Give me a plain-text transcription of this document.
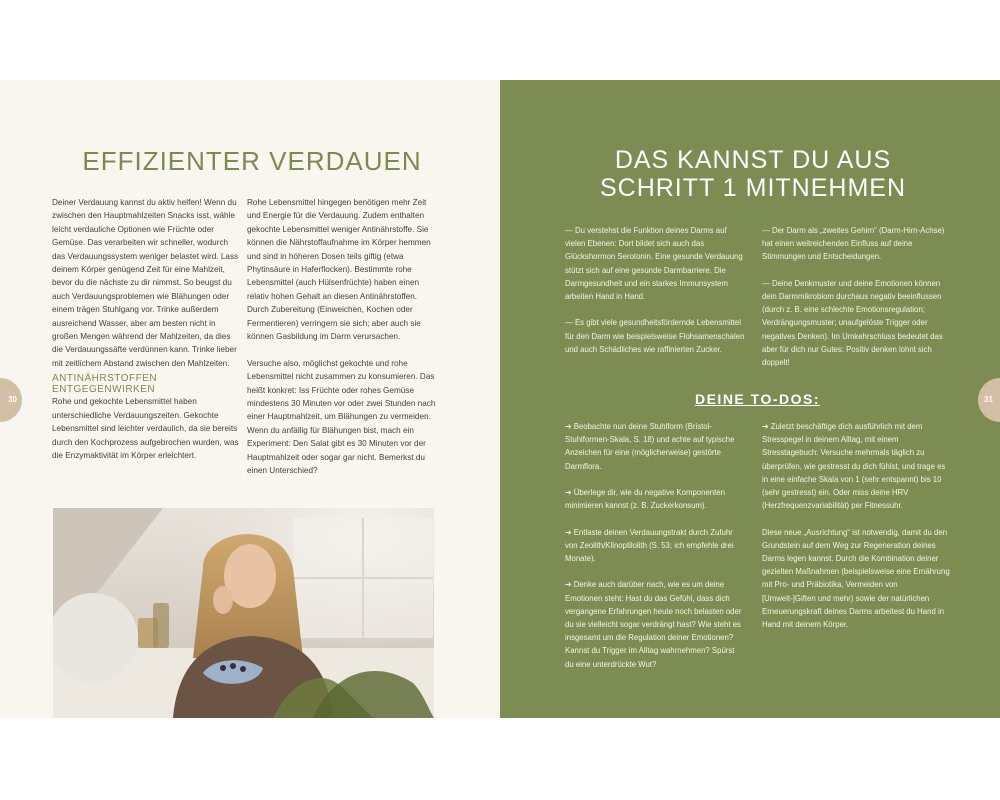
EFFIZIENTER VERDAUEN

Deiner Verdauung kannst du aktiv helfen! Wenn du zwischen den Hauptmahlzeiten Snacks isst, wähle leicht verdauliche Optionen wie Früchte oder Gemüse. Das verarbeiten wir schneller, wodurch das Verdauungssystem weniger belastet wird. Lass deinem Körper genügend Zeit für eine Mahlzeit, bevor du die nächste zu dir nimmst. So beugst du auch Verdauungsproblemen wie Blähungen oder einem trägen Stuhlgang vor. Trinke außerdem ausreichend Wasser, aber am besten nicht in großen Mengen während der Mahlzeiten, da dies die Verdauungssäfte verdünnen kann. Trinke lieber mit zeitlichem Abstand zwischen den Mahlzeiten.

ANTINÄHRSTOFFEN ENTGEGENWIRKEN

Rohe und gekochte Lebensmittel haben unterschiedliche Verdauungszeiten. Gekochte Lebensmittel sind leichter verdaulich, da sie bereits durch den Kochprozess aufgebrochen wurden, was die Enzymaktivität im Körper erleichtert.

Rohe Lebensmittel hingegen benötigen mehr Zeit und Energie für die Verdauung. Zudem enthalten gekochte Lebensmittel weniger Antinährstoffe. Sie können die Nährstoffaufnahme im Körper hemmen und sind in höheren Dosen teils giftig (etwa Phytinsäure in Haferflocken). Bestimmte rohe Lebensmittel (auch Hülsenfrüchte) haben einen relativ hohen Gehalt an diesen Antinährstoffen. Durch Zubereitung (Einweichen, Kochen oder Fermentieren) verringern sie sich; aber auch sie können Gasbildung im Darm verursachen.

Versuche also, möglichst gekochte und rohe Lebensmittel nicht zusammen zu konsumieren. Das heißt konkret: Iss Früchte oder rohes Gemüse mindestens 30 Minuten vor oder zwei Stunden nach einer Hauptmahlzeit, um Blähungen zu vermeiden. Wenn du anfällig für Blähungen bist, mach ein Experiment: Den Salat gibt es 30 Minuten vor der Hauptmahlzeit oder sogar gar nicht. Bemerkst du einen Unterschied?

DAS KANNST DU AUS
SCHRITT 1 MITNEHMEN

— Du verstehst die Funktion deines Darms auf vielen Ebenen: Dort bildet sich auch das Glückshormon Serotonin. Eine gesunde Verdauung stützt sich auf eine gesunde Darmbarriere. Die Darmgesundheit und ein starkes Immunsystem arbeiten Hand in Hand.

— Es gibt viele gesundheitsfördernde Lebensmittel für den Darm wie beispielsweise Flohsamenschalen und auch Schädliches wie raffinierten Zucker.

— Der Darm als „zweites Gehirn“ (Darm-Hirn-Achse) hat einen weitreichenden Einfluss auf deine Stimmungen und Entscheidungen.

— Deine Denkmuster und deine Emotionen können dein Darmmikrobiom durchaus negativ beeinflussen (durch z. B. eine schlechte Emotionsregulation; Verdrängungsmuster; unaufgelöste Trigger oder negatives Denken). Im Umkehrschluss bedeutet das aber für dich nur Gutes: Positiv denken lohnt sich doppelt!

DEINE TO-DOS:

➔ Beobachte nun deine Stuhlform (Bristol-Stuhlformen-Skala, S. 18) und achte auf typische Anzeichen für eine (möglicherweise) gestörte Darmflora.

➔ Überlege dir, wie du negative Komponenten minimieren kannst (z. B. Zuckerkonsum).

➔ Entlaste deinen Verdauungstrakt durch Zufuhr von Zeolith/Klinoptilolith (S. 53; ich empfehle drei Monate).

➔ Denke auch darüber nach, wie es um deine Emotionen steht: Hast du das Gefühl, dass dich vergangene Erfahrungen heute noch belasten oder du sie vielleicht sogar verdrängt hast? Wie steht es insgesamt um die Regulation deiner Emotionen? Kannst du Trigger im Alltag wahrnehmen? Spürst du eine unterdrückte Wut?

➔ Zuletzt beschäftige dich ausführlich mit dem Stresspegel in deinem Alltag, mit einem Stresstagebuch: Versuche mehrmals täglich zu überprüfen, wie gestresst du dich fühlst, und trage es in eine einfache Skala von 1 (sehr entspannt) bis 10 (sehr gestresst) ein. Oder miss deine HRV (Herzfrequenzvariabilität) per Fitnessuhr.

Diese neue „Ausrichtung“ ist notwendig, damit du den Grundstein auf dem Weg zur Regeneration deines Darms legen kannst. Durch die Kombination deiner gezielten Maßnahmen (beispielsweise eine Ernährung mit Pro- und Präbiotika, Vermeiden von [Umwelt-]Giften und mehr) sowie der natürlichen Erneuerungskraft deines Darms arbeitest du Hand in Hand mit deinem Körper.

30	31
